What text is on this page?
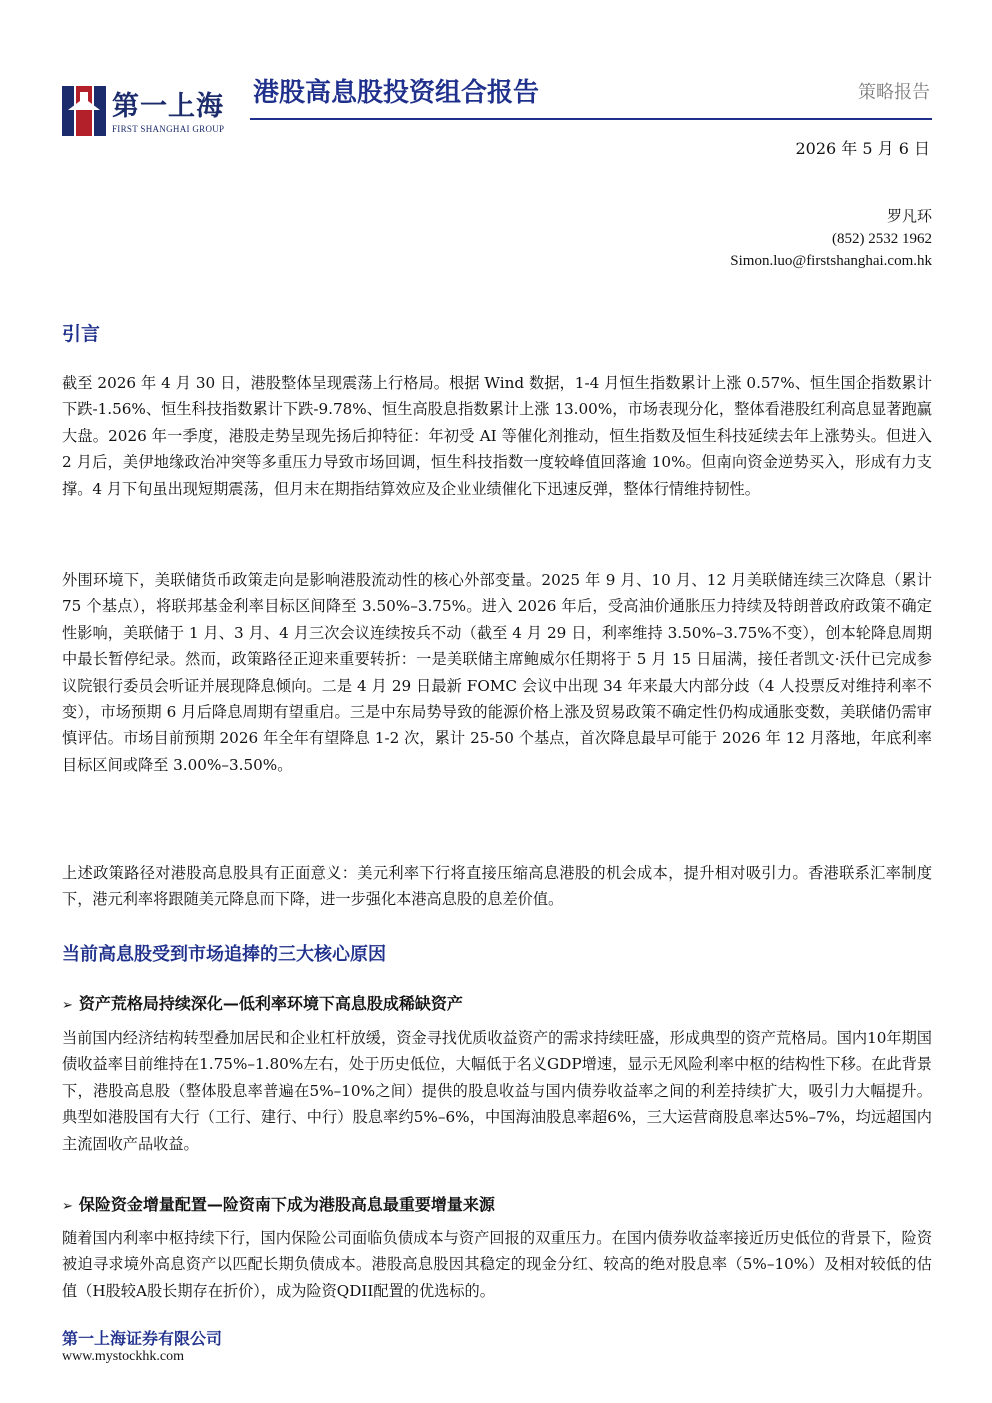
第一上海
FIRST SHANGHAI GROUP
港股高息股投资组合报告	策略报告
2026 年 5 月 6 日
罗凡环
(852) 2532 1962
Simon.luo@firstshanghai.com.hk
引言
截至 2026 年 4 月 30 日，港股整体呈现震荡上行格局。根据 Wind 数据，1-4 月恒生指数累计上涨 0.57%、恒生国企指数累计下跌-1.56%、恒生科技指数累计下跌-9.78%、恒生高股息指数累计上涨 13.00%，市场表现分化，整体看港股红利高息显著跑赢大盘。2026 年一季度，港股走势呈现先扬后抑特征：年初受 AI 等催化剂推动，恒生指数及恒生科技延续去年上涨势头。但进入 2 月后，美伊地缘政治冲突等多重压力导致市场回调，恒生科技指数一度较峰值回落逾 10%。但南向资金逆势买入，形成有力支撑。4 月下旬虽出现短期震荡，但月末在期指结算效应及企业业绩催化下迅速反弹，整体行情维持韧性。
外围环境下，美联储货币政策走向是影响港股流动性的核心外部变量。2025 年 9 月、10 月、12 月美联储连续三次降息（累计 75 个基点），将联邦基金利率目标区间降至 3.50%–3.75%。进入 2026 年后，受高油价通胀压力持续及特朗普政府政策不确定性影响，美联储于 1 月、3 月、4 月三次会议连续按兵不动（截至 4 月 29 日，利率维持 3.50%–3.75%不变），创本轮降息周期中最长暂停纪录。然而，政策路径正迎来重要转折：一是美联储主席鲍威尔任期将于 5 月 15 日届满，接任者凯文·沃什已完成参议院银行委员会听证并展现降息倾向。二是 4 月 29 日最新 FOMC 会议中出现 34 年来最大内部分歧（4 人投票反对维持利率不变），市场预期 6 月后降息周期有望重启。三是中东局势导致的能源价格上涨及贸易政策不确定性仍构成通胀变数，美联储仍需审慎评估。市场目前预期 2026 年全年有望降息 1-2 次，累计 25-50 个基点，首次降息最早可能于 2026 年 12 月落地，年底利率目标区间或降至 3.00%–3.50%。
上述政策路径对港股高息股具有正面意义：美元利率下行将直接压缩高息港股的机会成本，提升相对吸引力。香港联系汇率制度下，港元利率将跟随美元降息而下降，进一步强化本港高息股的息差价值。
当前高息股受到市场追捧的三大核心原因
➢ 资产荒格局持续深化—低利率环境下高息股成稀缺资产
当前国内经济结构转型叠加居民和企业杠杆放缓，资金寻找优质收益资产的需求持续旺盛，形成典型的资产荒格局。国内10年期国债收益率目前维持在1.75%–1.80%左右，处于历史低位，大幅低于名义GDP增速，显示无风险利率中枢的结构性下移。在此背景下，港股高息股（整体股息率普遍在5%–10%之间）提供的股息收益与国内债券收益率之间的利差持续扩大，吸引力大幅提升。典型如港股国有大行（工行、建行、中行）股息率约5%–6%，中国海油股息率超6%，三大运营商股息率达5%–7%，均远超国内主流固收产品收益。
➢ 保险资金增量配置—险资南下成为港股高息最重要增量来源
随着国内利率中枢持续下行，国内保险公司面临负债成本与资产回报的双重压力。在国内债券收益率接近历史低位的背景下，险资被迫寻求境外高息资产以匹配长期负债成本。港股高息股因其稳定的现金分红、较高的绝对股息率（5%–10%）及相对较低的估值（H股较A股长期存在折价），成为险资QDII配置的优选标的。
第一上海证券有限公司
www.mystockhk.com
